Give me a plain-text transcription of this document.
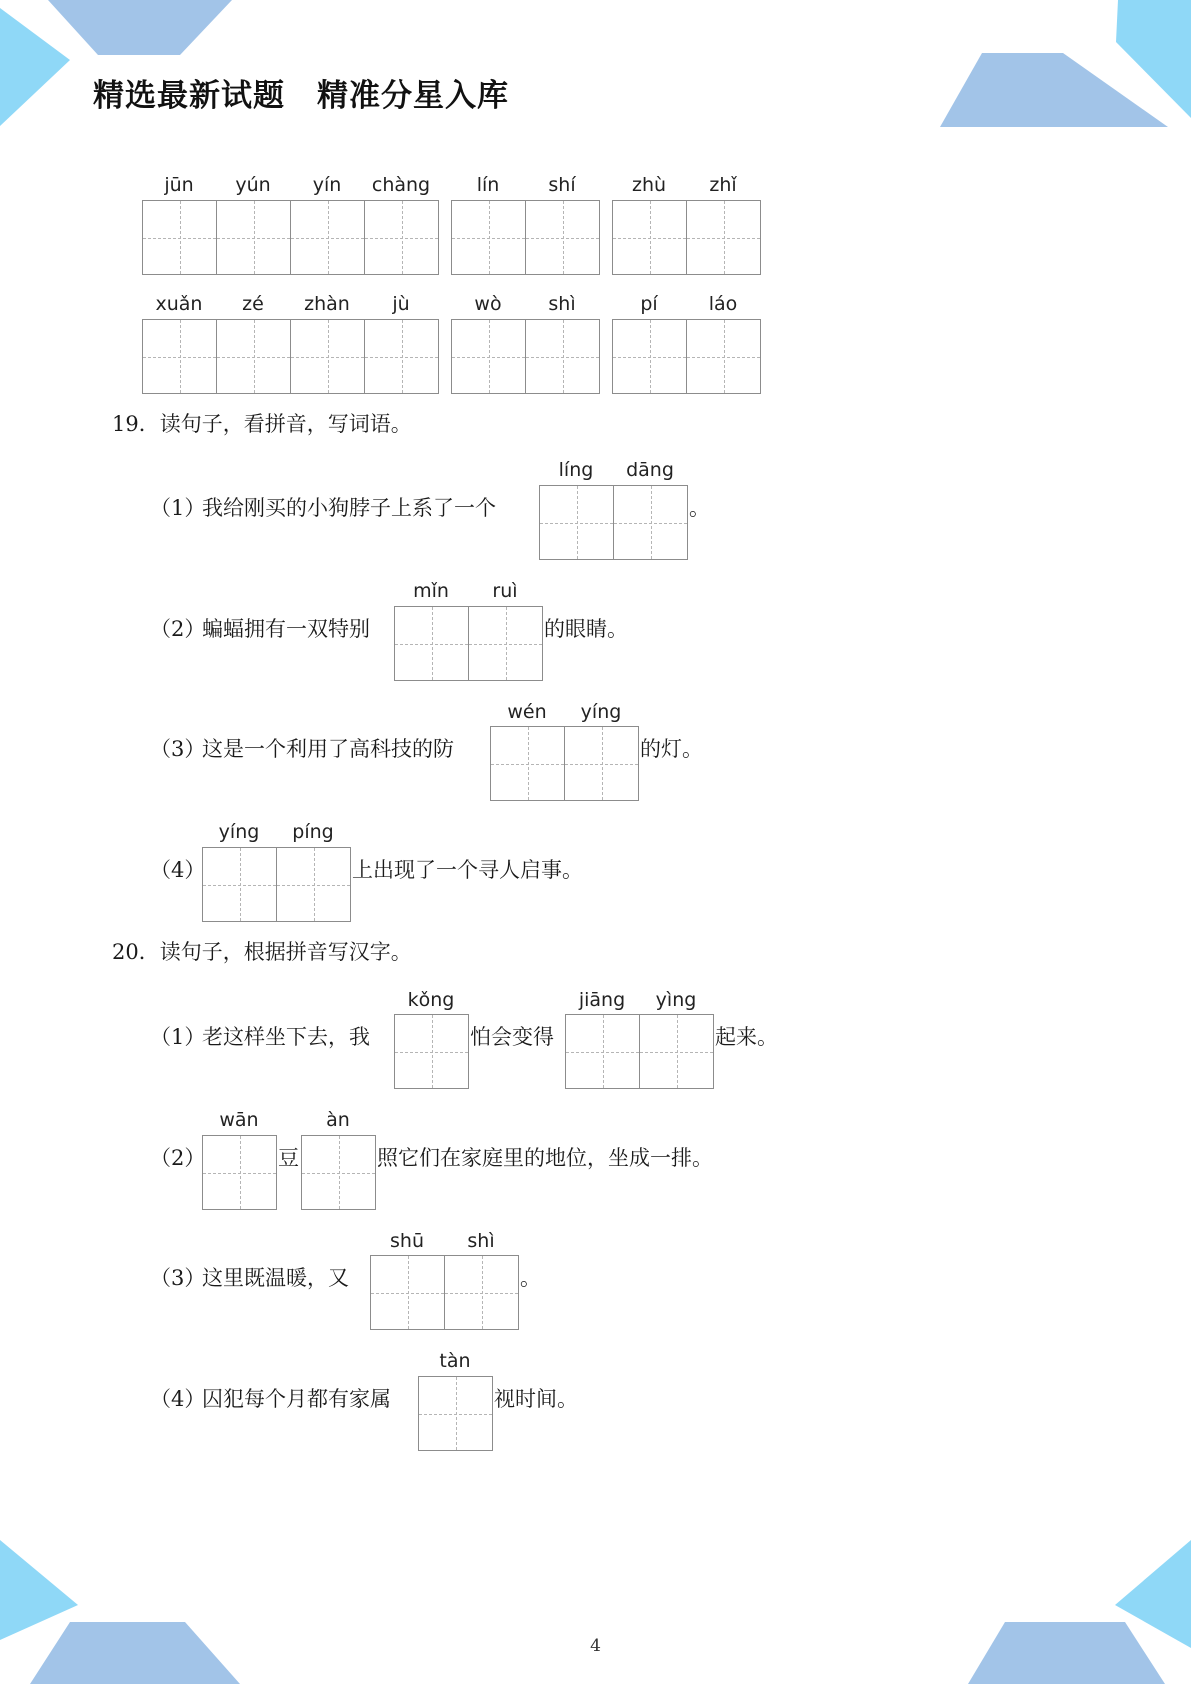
精选最新试题　精准分星入库
jūn	yún	yín	chàng	lín	shí	zhù	zhǐ
xuǎn	zé	zhàn	jù	wò	shì	pí	láo
19．读句子，看拼音，写词语。
（1）
我给刚买的小狗脖子上系了一个
líng	dāng
。
（2）
蝙蝠拥有一双特别
mǐn	ruì
的眼睛。
（3）
这是一个利用了高科技的防
wén	yíng
的灯。
（4）
yíng	píng
上出现了一个寻人启事。
20．读句子，根据拼音写汉字。
（1）
老这样坐下去，我
kǒng
怕会变得
jiāng	yìng
起来。
（2）
wān
豆
àn
照它们在家庭里的地位，坐成一排。
（3）
这里既温暖，又
shū	shì
。
（4）
囚犯每个月都有家属
tàn
视时间。
4
